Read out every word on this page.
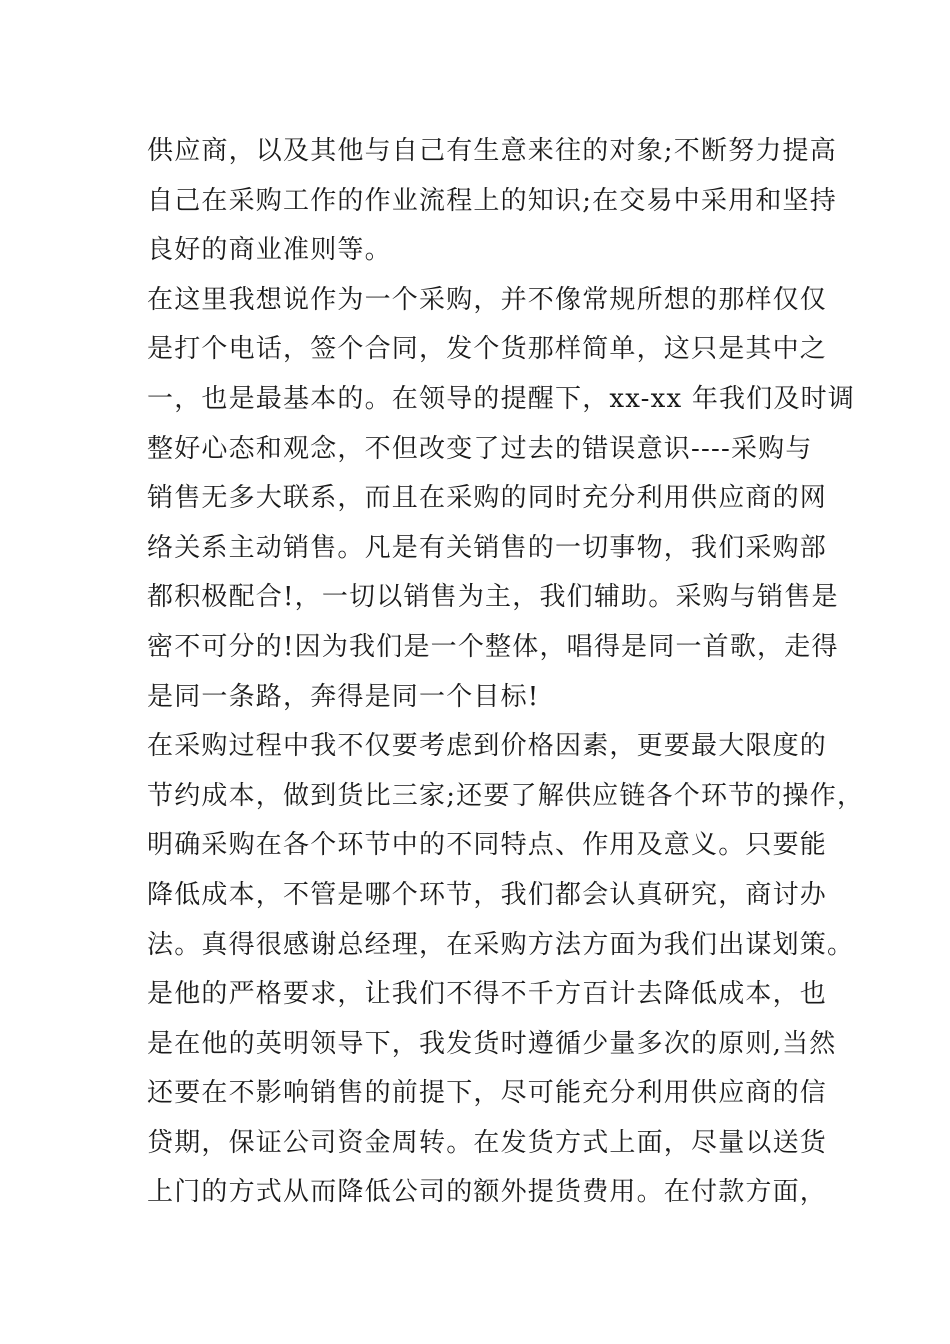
供应商，以及其他与自己有生意来往的对象;不断努力提高
自己在采购工作的作业流程上的知识;在交易中采用和坚持
良好的商业准则等。
在这里我想说作为一个采购，并不像常规所想的那样仅仅
是打个电话，签个合同，发个货那样简单，这只是其中之
一，也是最基本的。在领导的提醒下，xx-xx 年我们及时调
整好心态和观念，不但改变了过去的错误意识----采购与
销售无多大联系，而且在采购的同时充分利用供应商的网
络关系主动销售。凡是有关销售的一切事物，我们采购部
都积极配合!，一切以销售为主，我们辅助。采购与销售是
密不可分的!因为我们是一个整体，唱得是同一首歌，走得
是同一条路，奔得是同一个目标!
在采购过程中我不仅要考虑到价格因素，更要最大限度的
节约成本，做到货比三家;还要了解供应链各个环节的操作，
明确采购在各个环节中的不同特点、作用及意义。只要能
降低成本，不管是哪个环节，我们都会认真研究，商讨办
法。真得很感谢总经理，在采购方法方面为我们出谋划策。
是他的严格要求，让我们不得不千方百计去降低成本，也
是在他的英明领导下，我发货时遵循少量多次的原则,当然
还要在不影响销售的前提下，尽可能充分利用供应商的信
贷期，保证公司资金周转。在发货方式上面，尽量以送货
上门的方式从而降低公司的额外提货费用。在付款方面，
